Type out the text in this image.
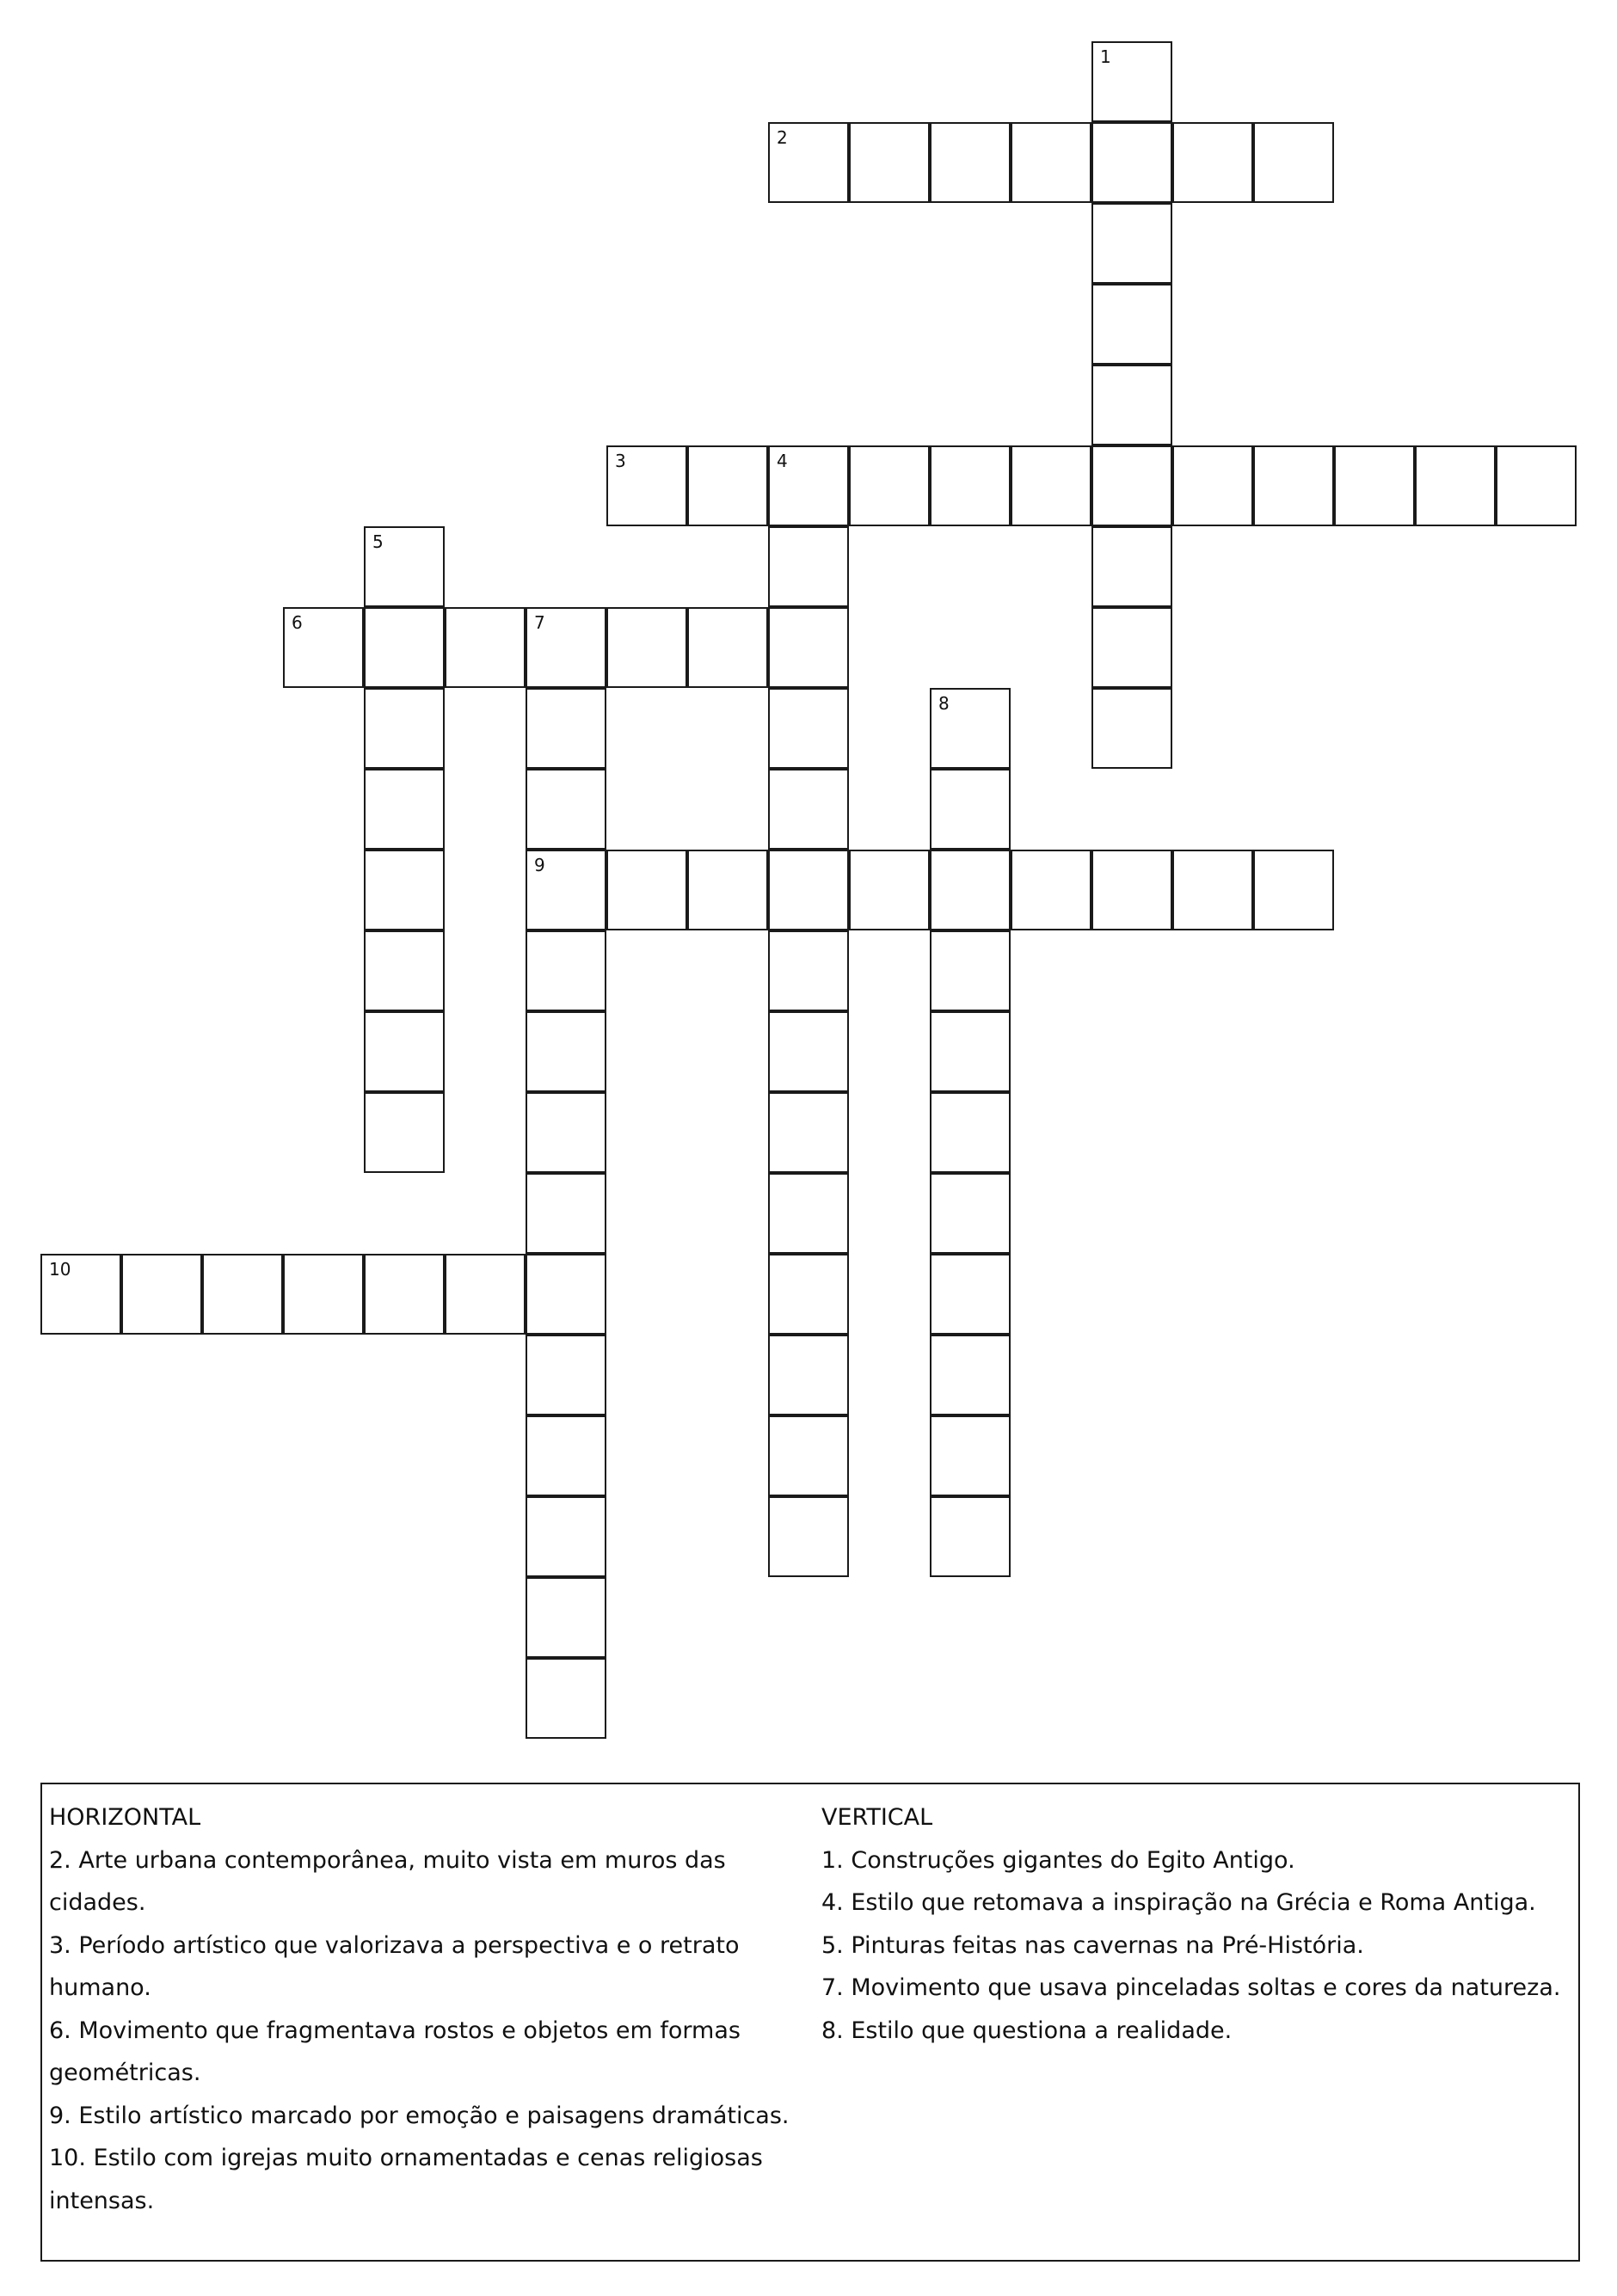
1
2
3	4
5
6	7
9
8
10
HORIZONTAL
2. Arte urbana contemporânea, muito vista em muros das
cidades.
3. Período artístico que valorizava a perspectiva e o retrato
humano.
6. Movimento que fragmentava rostos e objetos em formas
geométricas.
9. Estilo artístico marcado por emoção e paisagens dramáticas.
10. Estilo com igrejas muito ornamentadas e cenas religiosas
intensas.
VERTICAL
1. Construções gigantes do Egito Antigo.
4. Estilo que retomava a inspiração na Grécia e Roma Antiga.
5. Pinturas feitas nas cavernas na Pré-História.
7. Movimento que usava pinceladas soltas e cores da natureza.
8. Estilo que questiona a realidade.
